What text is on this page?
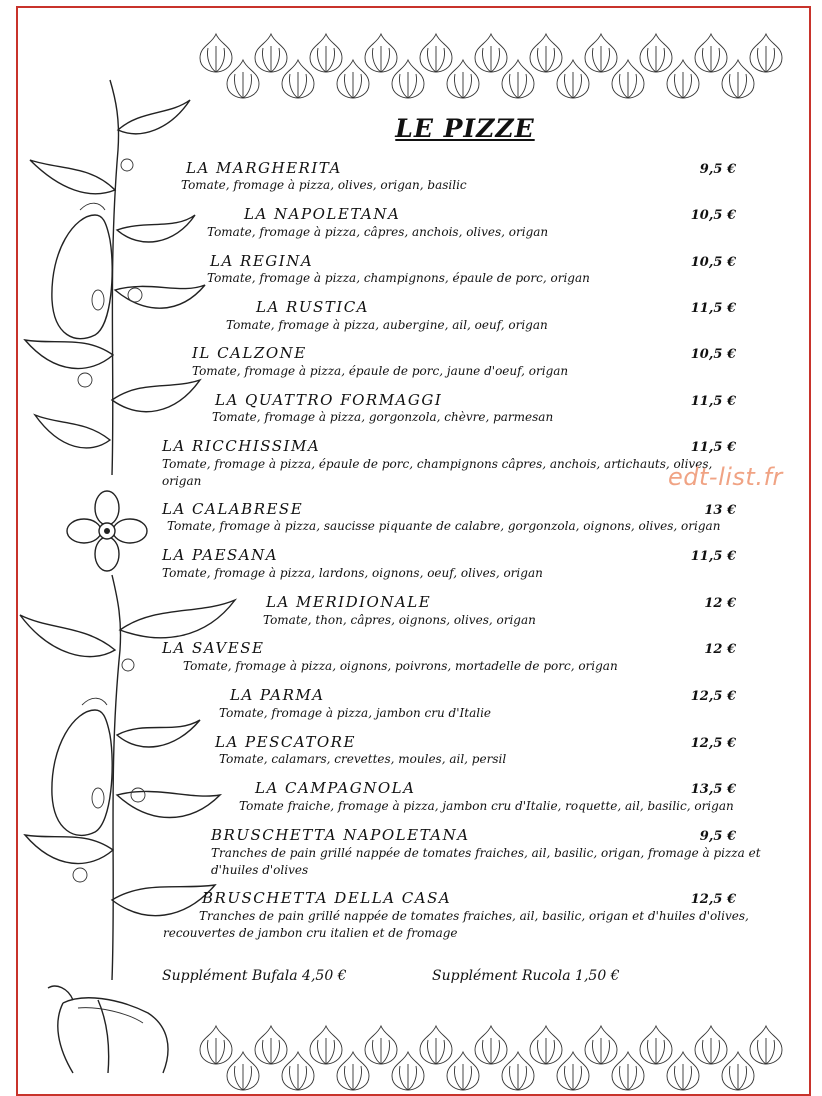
LE PIZZE
LA MARGHERITA	9,5 €
Tomate, fromage à pizza, olives, origan, basilic
LA NAPOLETANA	10,5 €
Tomate, fromage à pizza, câpres, anchois, olives, origan
LA REGINA	10,5 €
Tomate, fromage à pizza, champignons, épaule de porc, origan
LA RUSTICA	11,5 €
Tomate, fromage à pizza, aubergine, ail, oeuf, origan
IL CALZONE	10,5 €
Tomate, fromage à pizza, épaule de porc, jaune d'oeuf, origan
LA QUATTRO FORMAGGI	11,5 €
Tomate, fromage à pizza, gorgonzola, chèvre, parmesan
LA RICCHISSIMA	11,5 €
Tomate, fromage à pizza, épaule de porc, champignons câpres, anchois, artichauts, olives, origan
LA CALABRESE	13 €
Tomate, fromage à pizza, saucisse piquante de calabre, gorgonzola, oignons, olives, origan
LA PAESANA	11,5 €
Tomate, fromage à pizza, lardons, oignons, oeuf, olives, origan
LA MERIDIONALE	12 €
Tomate, thon, câpres, oignons, olives, origan
LA SAVESE	12 €
Tomate, fromage à pizza, oignons, poivrons, mortadelle de porc, origan
LA PARMA	12,5 €
Tomate, fromage à pizza, jambon cru d'Italie
LA PESCATORE	12,5 €
Tomate, calamars, crevettes, moules, ail, persil
LA CAMPAGNOLA	13,5 €
Tomate fraiche, fromage à pizza, jambon cru d'Italie, roquette, ail, basilic, origan
BRUSCHETTA NAPOLETANA	9,5 €
Tranches de pain grillé nappée de tomates fraiches, ail, basilic, origan, fromage à pizza et d'huiles d'olives
BRUSCHETTA DELLA CASA	12,5 €
Tranches de pain grillé nappée de tomates fraiches, ail, basilic, origan et d'huiles d'olives, recouvertes de jambon cru italien et de fromage
Supplément Bufala 4,50 €	Supplément Rucola 1,50 €
edt-list.fr
